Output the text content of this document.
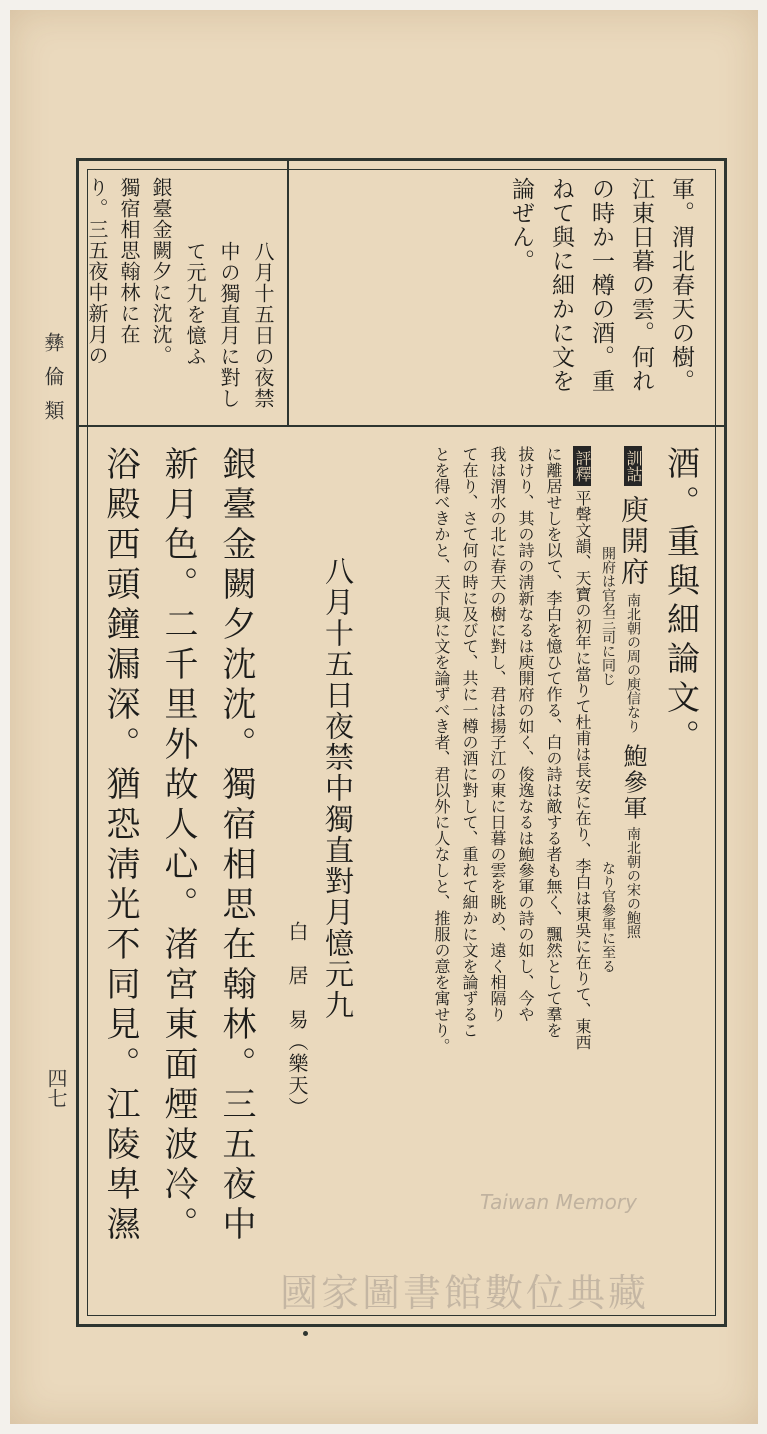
彝倫類
四七
軍。渭北春天の樹。
江東日暮の雲。何れ
の時か一樽の酒。重
ねて與に細かに文を
論ぜん。
八月十五日の夜禁
中の獨直月に對し
て元九を憶ふ
銀臺金闕夕に沈沈。
獨宿相思翰林に在
り。三五夜中新月の
酒。重與細論文。
訓詁 庾開府 南北朝の周の庾信なり  鮑參軍 南北朝の宋の鮑照
開府は官名三司に同じ
なり官參軍に至る
評釋平聲文韻、天寶の初年に當りて杜甫は長安に在り、李白は東吳に在りて、東西
に離居せしを以て、李白を憶ひて作る、白の詩は敵する者も無く、飄然として羣を
拔けり、其の詩の淸新なるは庾開府の如く、俊逸なるは鮑參軍の詩の如し、今や
我は渭水の北に春天の樹に對し、君は揚子江の東に日暮の雲を眺め、遠く相隔り
て在り、さて何の時に及びて、共に一樽の酒に對して、重れて細かに文を論ずるこ
とを得べきかと、天下與に文を論ずべき者、君以外に人なしと、推服の意を寓せり。
八月十五日夜禁中獨直對月憶元九
白　居　易（樂天）
銀臺金闕夕沈沈。獨宿相思在翰林。三五夜中
新月色。二千里外故人心。渚宮東面煙波冷。
浴殿西頭鐘漏深。猶恐淸光不同見。江陵卑濕	Taiwan Memory
國家圖書館數位典藏
